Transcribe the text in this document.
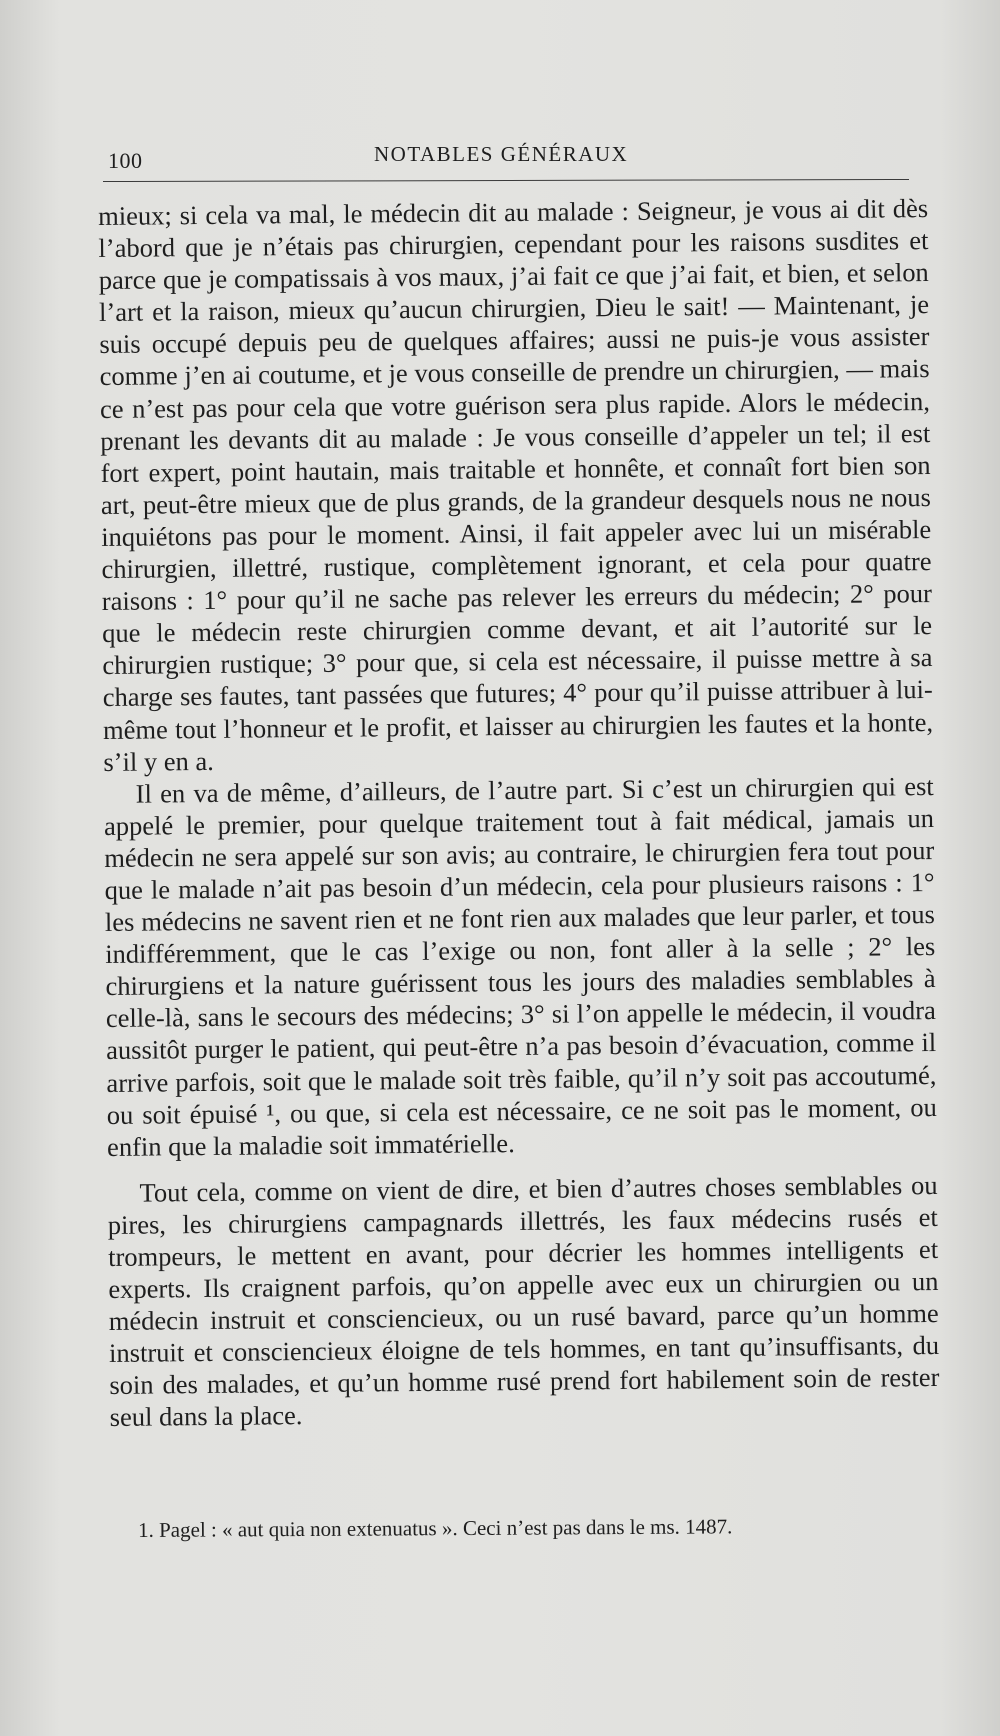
100	NOTABLES GÉNÉRAUX

mieux; si cela va mal, le médecin dit au malade : Seigneur, je vous ai dit dès l’abord que je n’étais pas chirurgien, cependant pour les raisons susdites et parce que je compatissais à vos maux, j’ai fait ce que j’ai fait, et bien, et selon l’art et la raison, mieux qu’aucun chirurgien, Dieu le sait! — Maintenant, je suis occupé depuis peu de quelques affaires; aussi ne puis-je vous assister comme j’en ai coutume, et je vous conseille de prendre un chirurgien, — mais ce n’est pas pour cela que votre guérison sera plus rapide. Alors le médecin, prenant les devants dit au malade : Je vous conseille d’appeler un tel; il est fort expert, point hautain, mais traitable et honnête, et connaît fort bien son art, peut-être mieux que de plus grands, de la grandeur desquels nous ne nous inquiétons pas pour le moment. Ainsi, il fait appeler avec lui un misérable chirurgien, illettré, rustique, complètement ignorant, et cela pour quatre raisons : 1° pour qu’il ne sache pas relever les erreurs du médecin; 2° pour que le médecin reste chirurgien comme devant, et ait l’autorité sur le chirurgien rustique; 3° pour que, si cela est nécessaire, il puisse mettre à sa charge ses fautes, tant passées que futures; 4° pour qu’il puisse attribuer à lui-même tout l’honneur et le profit, et laisser au chirurgien les fautes et la honte, s’il y en a.

Il en va de même, d’ailleurs, de l’autre part. Si c’est un chirurgien qui est appelé le premier, pour quelque traitement tout à fait médical, jamais un médecin ne sera appelé sur son avis; au contraire, le chirurgien fera tout pour que le malade n’ait pas besoin d’un médecin, cela pour plusieurs raisons : 1° les médecins ne savent rien et ne font rien aux malades que leur parler, et tous indifféremment, que le cas l’exige ou non, font aller à la selle ; 2° les chirurgiens et la nature guérissent tous les jours des maladies semblables à celle-là, sans le secours des médecins; 3° si l’on appelle le médecin, il voudra aussitôt purger le patient, qui peut-être n’a pas besoin d’évacuation, comme il arrive parfois, soit que le malade soit très faible, qu’il n’y soit pas accoutumé, ou soit épuisé ¹, ou que, si cela est nécessaire, ce ne soit pas le moment, ou enfin que la maladie soit immatérielle.

Tout cela, comme on vient de dire, et bien d’autres choses semblables ou pires, les chirurgiens campagnards illettrés, les faux médecins rusés et trompeurs, le mettent en avant, pour décrier les hommes intelligents et experts. Ils craignent parfois, qu’on appelle avec eux un chirurgien ou un médecin instruit et consciencieux, ou un rusé bavard, parce qu’un homme instruit et consciencieux éloigne de tels hommes, en tant qu’insuffisants, du soin des malades, et qu’un homme rusé prend fort habilement soin de rester seul dans la place.

1. Pagel : « aut quia non extenuatus ». Ceci n’est pas dans le ms. 1487.
